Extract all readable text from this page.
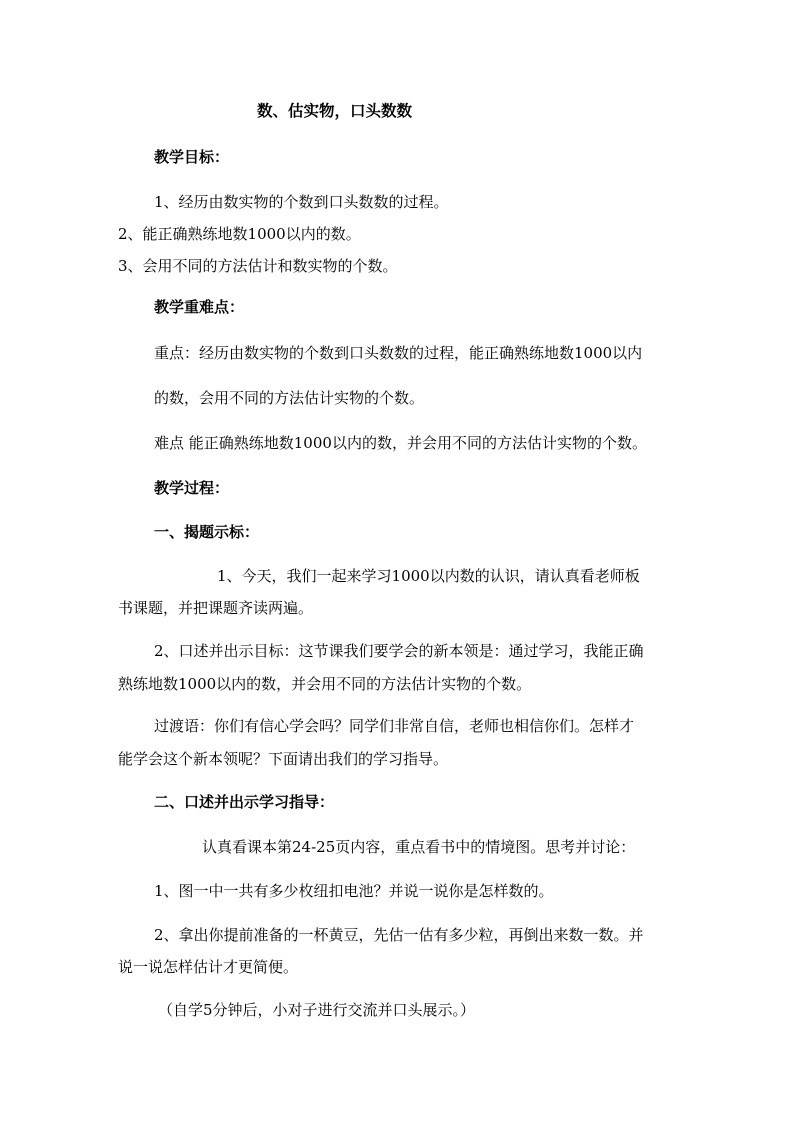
数、估实物，口头数数
教学目标：
1、经历由数实物的个数到口头数数的过程。
2、能正确熟练地数1000以内的数。
3、会用不同的方法估计和数实物的个数。
教学重难点：
重点：经历由数实物的个数到口头数数的过程，能正确熟练地数1000以内
的数，会用不同的方法估计实物的个数。
难点 能正确熟练地数1000以内的数，并会用不同的方法估计实物的个数。
教学过程：
一、揭题示标：
1、今天，我们一起来学习1000以内数的认识，请认真看老师板
书课题，并把课题齐读两遍。
2、口述并出示目标：这节课我们要学会的新本领是：通过学习，我能正确
熟练地数1000以内的数，并会用不同的方法估计实物的个数。
过渡语：你们有信心学会吗？同学们非常自信，老师也相信你们。怎样才
能学会这个新本领呢？下面请出我们的学习指导。
二、口述并出示学习指导：
认真看课本第24-25页内容，重点看书中的情境图。思考并讨论：
1、图一中一共有多少枚纽扣电池？并说一说你是怎样数的。
2、拿出你提前准备的一杯黄豆，先估一估有多少粒，再倒出来数一数。并
说一说怎样估计才更简便。
（自学5分钟后，小对子进行交流并口头展示。）
